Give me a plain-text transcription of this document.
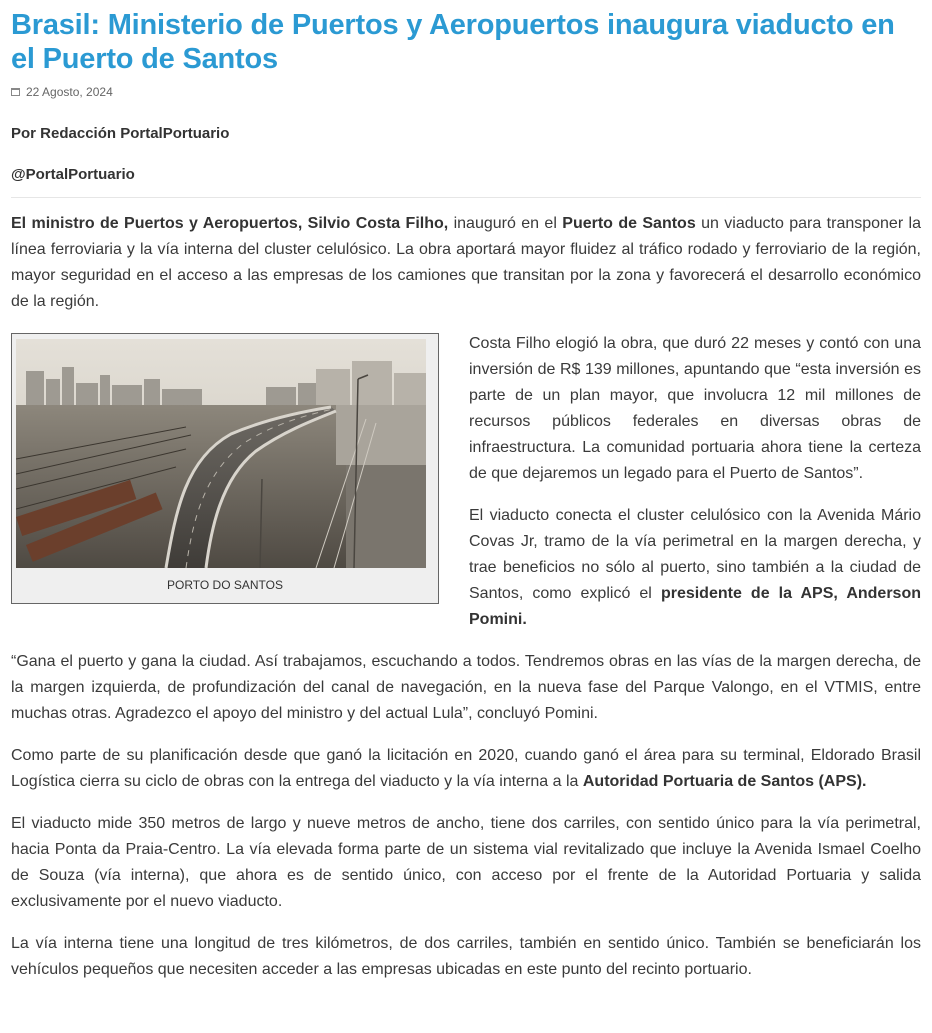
Brasil: Ministerio de Puertos y Aeropuertos inaugura viaducto en el Puerto de Santos
22 Agosto, 2024
Por Redacción PortalPortuario
@PortalPortuario

El ministro de Puertos y Aeropuertos, Silvio Costa Filho, inauguró en el Puerto de Santos un viaducto para transponer la línea ferroviaria y la vía interna del cluster celulósico. La obra aportará mayor fluidez al tráfico rodado y ferroviario de la región, mayor seguridad en el acceso a las empresas de los camiones que transitan por la zona y favorecerá el desarrollo económico de la región.

PORTO DO SANTOS

Costa Filho elogió la obra, que duró 22 meses y contó con una inversión de R$ 139 millones, apuntando que “esta inversión es parte de un plan mayor, que involucra 12 mil millones de recursos públicos federales en diversas obras de infraestructura. La comunidad portuaria ahora tiene la certeza de que dejaremos un legado para el Puerto de Santos”.

El viaducto conecta el cluster celulósico con la Avenida Mário Covas Jr, tramo de la vía perimetral en la margen derecha, y trae beneficios no sólo al puerto, sino también a la ciudad de Santos, como explicó el presidente de la APS, Anderson Pomini.

“Gana el puerto y gana la ciudad. Así trabajamos, escuchando a todos. Tendremos obras en las vías de la margen derecha, de la margen izquierda, de profundización del canal de navegación, en la nueva fase del Parque Valongo, en el VTMIS, entre muchas otras. Agradezco el apoyo del ministro y del actual Lula”, concluyó Pomini.

Como parte de su planificación desde que ganó la licitación en 2020, cuando ganó el área para su terminal, Eldorado Brasil Logística cierra su ciclo de obras con la entrega del viaducto y la vía interna a la Autoridad Portuaria de Santos (APS).

El viaducto mide 350 metros de largo y nueve metros de ancho, tiene dos carriles, con sentido único para la vía perimetral, hacia Ponta da Praia-Centro. La vía elevada forma parte de un sistema vial revitalizado que incluye la Avenida Ismael Coelho de Souza (vía interna), que ahora es de sentido único, con acceso por el frente de la Autoridad Portuaria y salida exclusivamente por el nuevo viaducto.

La vía interna tiene una longitud de tres kilómetros, de dos carriles, también en sentido único. También se beneficiarán los vehículos pequeños que necesiten acceder a las empresas ubicadas en este punto del recinto portuario.
